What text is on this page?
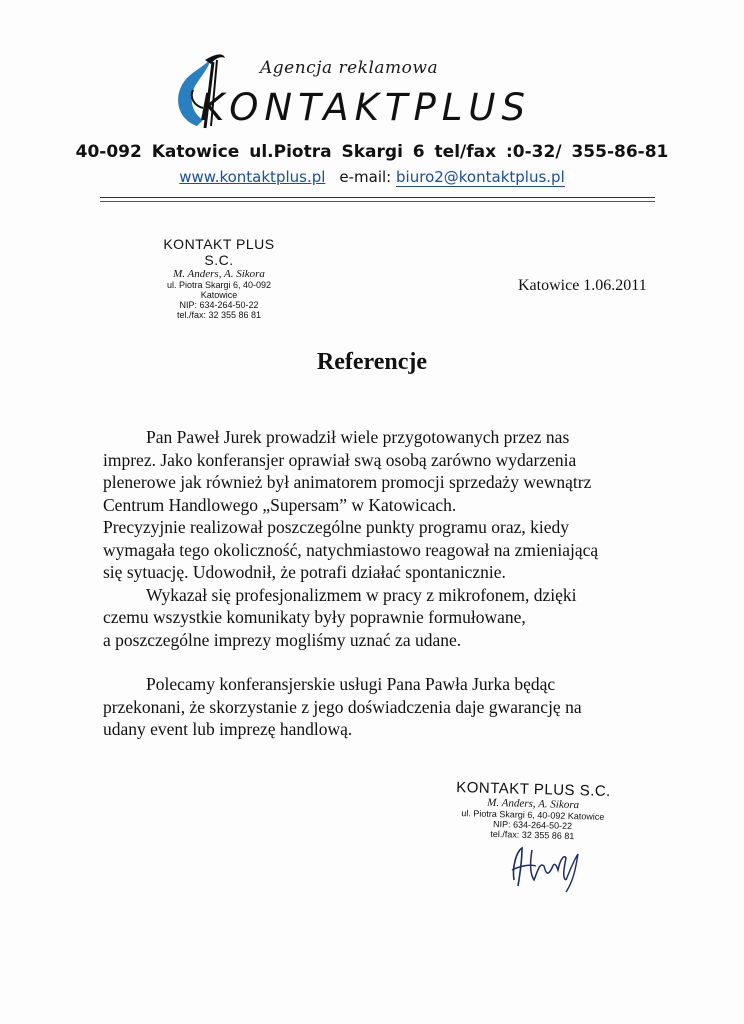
Agencja reklamowa
KONTAKTPLUS
40-092 Katowice ul.Piotra Skargi 6 tel/fax :0-32/ 355-86-81
www.kontaktplus.pl e-mail: biuro2@kontaktplus.pl
KONTAKT PLUS S.C.
M. Anders, A. Sikora
ul. Piotra Skargi 6, 40-092 Katowice
NIP: 634-264-50-22
tel./fax: 32 355 86 81
Katowice 1.06.2011
Referencje
Pan Paweł Jurek prowadził wiele przygotowanych przez nas
imprez. Jako konferansjer oprawiał swą osobą zarówno wydarzenia
plenerowe jak również był animatorem promocji sprzedaży wewnątrz
Centrum Handlowego „Supersam” w Katowicach.
Precyzyjnie realizował poszczególne punkty programu oraz, kiedy
wymagała tego okoliczność, natychmiastowo reagował na zmieniającą
się sytuację. Udowodnił, że potrafi działać spontanicznie.
Wykazał się profesjonalizmem w pracy z mikrofonem, dzięki
czemu wszystkie komunikaty były poprawnie formułowane,
a poszczególne imprezy mogliśmy uznać za udane.
Polecamy konferansjerskie usługi Pana Pawła Jurka będąc
przekonani, że skorzystanie z jego doświadczenia daje gwarancję na
udany event lub imprezę handlową.
KONTAKT PLUS S.C.
M. Anders, A. Sikora
ul. Piotra Skargi 6, 40-092 Katowice
NIP: 634-264-50-22
tel./fax: 32 355 86 81
